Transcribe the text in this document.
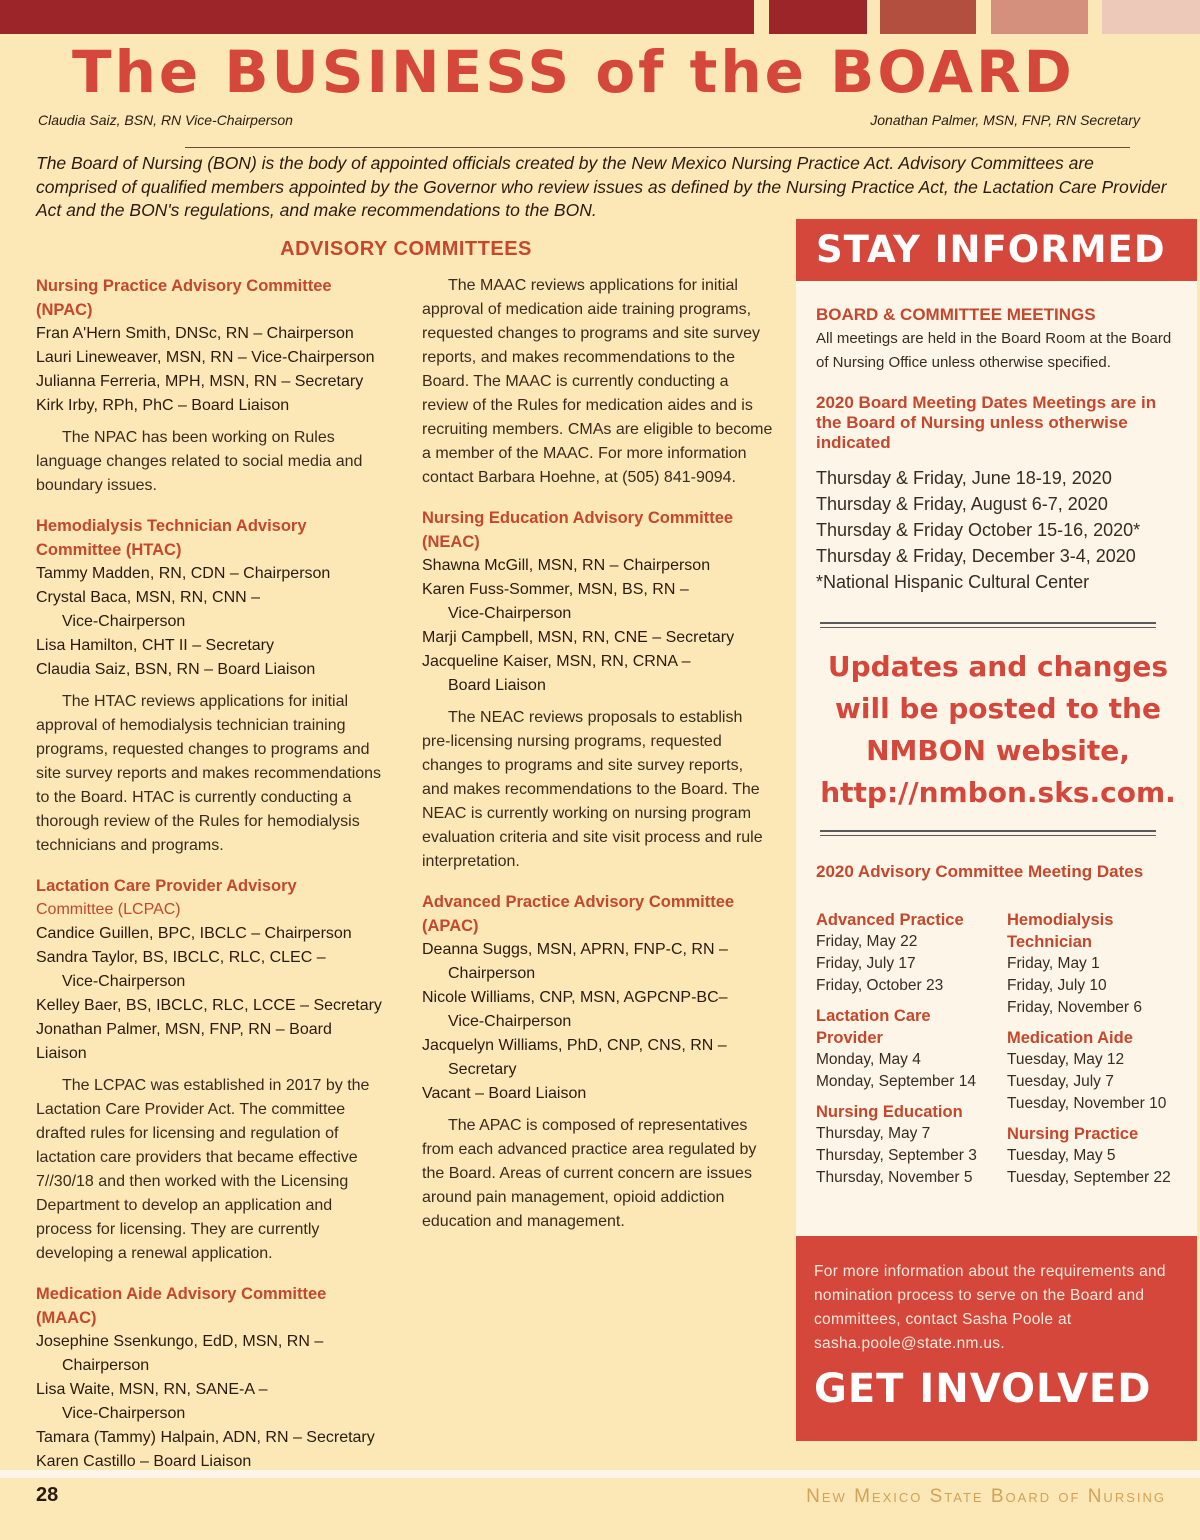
The BUSINESS of the BOARD
Claudia Saiz, BSN, RN Vice-Chairperson	Jonathan Palmer, MSN, FNP, RN Secretary
The Board of Nursing (BON) is the body of appointed officials created by the New Mexico Nursing Practice Act. Advisory Committees are comprised of qualified members appointed by the Governor who review issues as defined by the Nursing Practice Act, the Lactation Care Provider Act and the BON's regulations, and make recommendations to the BON.
ADVISORY COMMITTEES
Nursing Practice Advisory Committee (NPAC)
Fran A'Hern Smith, DNSc, RN – Chairperson
Lauri Lineweaver, MSN, RN – Vice-Chairperson
Julianna Ferreria, MPH, MSN, RN – Secretary
Kirk Irby, RPh, PhC – Board Liaison
The NPAC has been working on Rules language changes related to social media and boundary issues.
Hemodialysis Technician Advisory Committee (HTAC)
Tammy Madden, RN, CDN – Chairperson
Crystal Baca, MSN, RN, CNN –
Vice-Chairperson
Lisa Hamilton, CHT II – Secretary
Claudia Saiz, BSN, RN – Board Liaison
The HTAC reviews applications for initial approval of hemodialysis technician training programs, requested changes to programs and site survey reports and makes recommendations to the Board. HTAC is currently conducting a thorough review of the Rules for hemodialysis technicians and programs.
Lactation Care Provider Advisory
Committee (LCPAC)
Candice Guillen, BPC, IBCLC – Chairperson
Sandra Taylor, BS, IBCLC, RLC, CLEC –
Vice-Chairperson
Kelley Baer, BS, IBCLC, RLC, LCCE – Secretary
Jonathan Palmer, MSN, FNP, RN – Board Liaison
The LCPAC was established in 2017 by the Lactation Care Provider Act. The committee drafted rules for licensing and regulation of lactation care providers that became effective 7//30/18 and then worked with the Licensing Department to develop an application and process for licensing. They are currently developing a renewal application.
Medication Aide Advisory Committee (MAAC)
Josephine Ssenkungo, EdD, MSN, RN –
Chairperson
Lisa Waite, MSN, RN, SANE-A –
Vice-Chairperson
Tamara (Tammy) Halpain, ADN, RN – Secretary
Karen Castillo – Board Liaison
The MAAC reviews applications for initial approval of medication aide training programs, requested changes to programs and site survey reports, and makes recommendations to the Board. The MAAC is currently conducting a review of the Rules for medication aides and is recruiting members. CMAs are eligible to become a member of the MAAC. For more information contact Barbara Hoehne, at (505) 841-9094.
Nursing Education Advisory Committee (NEAC)
Shawna McGill, MSN, RN – Chairperson
Karen Fuss-Sommer, MSN, BS, RN –
Vice-Chairperson
Marji Campbell, MSN, RN, CNE – Secretary
Jacqueline Kaiser, MSN, RN, CRNA –
Board Liaison
The NEAC reviews proposals to establish pre-licensing nursing programs, requested changes to programs and site survey reports, and makes recommendations to the Board. The NEAC is currently working on nursing program evaluation criteria and site visit process and rule interpretation.
Advanced Practice Advisory Committee (APAC)
Deanna Suggs, MSN, APRN, FNP-C, RN –
Chairperson
Nicole Williams, CNP, MSN, AGPCNP-BC–
Vice-Chairperson
Jacquelyn Williams, PhD, CNP, CNS, RN –
Secretary
Vacant – Board Liaison
The APAC is composed of representatives from each advanced practice area regulated by the Board. Areas of current concern are issues around pain management, opioid addiction education and management.
STAY INFORMED
BOARD & COMMITTEE MEETINGS
All meetings are held in the Board Room at the Board of Nursing Office unless otherwise specified.
2020 Board Meeting Dates Meetings are in the Board of Nursing unless otherwise indicated
Thursday & Friday, June 18-19, 2020
Thursday & Friday, August 6-7, 2020
Thursday & Friday October 15-16, 2020*
Thursday & Friday, December 3-4, 2020
*National Hispanic Cultural Center
Updates and changes will be posted to the NMBON website, http://nmbon.sks.com.
2020 Advisory Committee Meeting Dates
Advanced Practice
Friday, May 22
Friday, July 17
Friday, October 23
Lactation Care Provider
Monday, May 4
Monday, September 14
Nursing Education
Thursday, May 7
Thursday, September 3
Thursday, November 5
Hemodialysis Technician
Friday, May 1
Friday, July 10
Friday, November 6
Medication Aide
Tuesday, May 12
Tuesday, July 7
Tuesday, November 10
Nursing Practice
Tuesday, May 5
Tuesday, September 22
For more information about the requirements and nomination process to serve on the Board and committees, contact Sasha Poole at sasha.poole@state.nm.us.
GET INVOLVED
28	New Mexico State Board of Nursing
